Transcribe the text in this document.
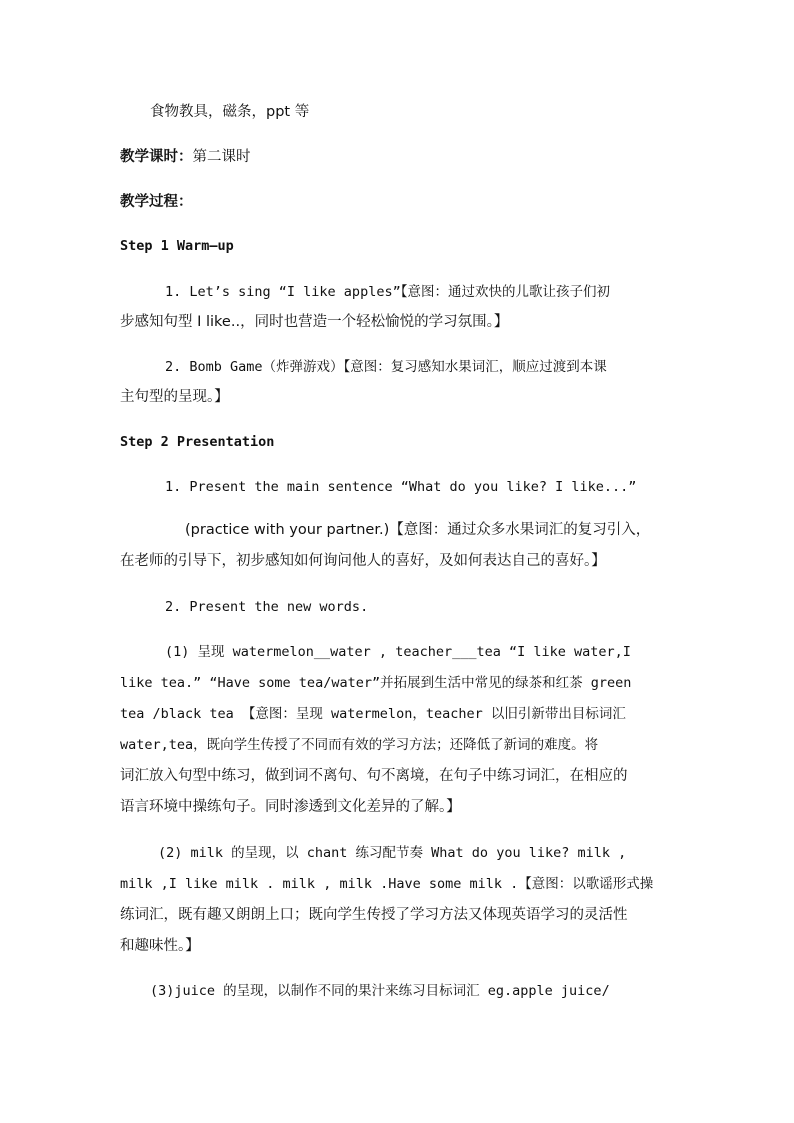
食物教具，磁条，ppt 等
教学课时：第二课时
教学过程：
Step 1 Warm—up
1. Let’s sing “I like apples”【意图：通过欢快的儿歌让孩子们初
步感知句型 I like..，同时也营造一个轻松愉悦的学习氛围。】
2. Bomb Game（炸弹游戏）【意图：复习感知水果词汇，顺应过渡到本课
主句型的呈现。】
Step 2 Presentation
1. Present the main sentence “What do you like? I like...”
(practice with your partner.)【意图：通过众多水果词汇的复习引入，
在老师的引导下，初步感知如何询问他人的喜好，及如何表达自己的喜好。】
2. Present the new words.
(1) 呈现 watermelon__water , teacher___tea “I like water,I
like tea.” “Have some tea/water”并拓展到生活中常见的绿茶和红茶 green
tea /black tea 【意图：呈现 watermelon，teacher 以旧引新带出目标词汇
water,tea，既向学生传授了不同而有效的学习方法；还降低了新词的难度。将
词汇放入句型中练习，做到词不离句、句不离境，在句子中练习词汇，在相应的
语言环境中操练句子。同时渗透到文化差异的了解。】
(2) milk 的呈现，以 chant 练习配节奏 What do you like? milk ,
milk ,I like milk . milk , milk .Have some milk .【意图：以歌谣形式操
练词汇，既有趣又朗朗上口；既向学生传授了学习方法又体现英语学习的灵活性
和趣味性。】
(3)juice 的呈现，以制作不同的果汁来练习目标词汇 eg.apple juice/
